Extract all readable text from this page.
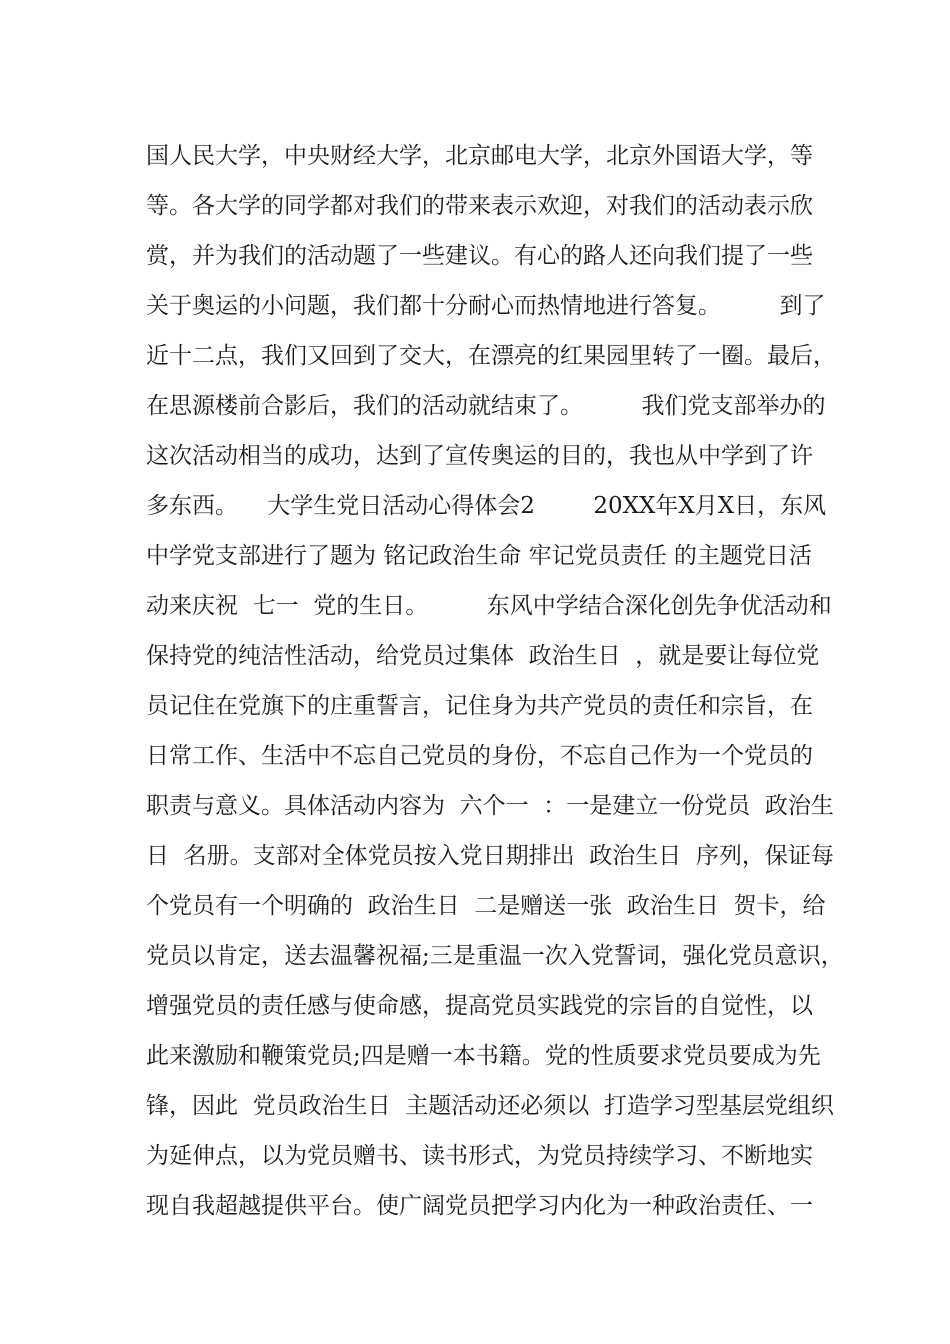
国人民大学，中央财经大学，北京邮电大学，北京外国语大学，等
等。各大学的同学都对我们的带来表示欢迎，对我们的活动表示欣
赏，并为我们的活动题了一些建议。有心的路人还向我们提了一些
关于奥运的小问题，我们都十分耐心而热情地进行答复。        到了
近十二点，我们又回到了交大，在漂亮的红果园里转了一圈。最后，
在思源楼前合影后，我们的活动就结束了。        我们党支部举办的
这次活动相当的成功，达到了宣传奥运的目的，我也从中学到了许
多东西。    大学生党日活动心得体会2        20XX年X月X日，东风
中学党支部进行了题为 铭记政治生命 牢记党员责任 的主题党日活
动来庆祝  七一  党的生日。        东风中学结合深化创先争优活动和
保持党的纯洁性活动，给党员过集体  政治生日  ，就是要让每位党
员记住在党旗下的庄重誓言，记住身为共产党员的责任和宗旨，在
日常工作、生活中不忘自己党员的身份，不忘自己作为一个党员的
职责与意义。具体活动内容为  六个一  ：一是建立一份党员  政治生
日  名册。支部对全体党员按入党日期排出  政治生日  序列，保证每
个党员有一个明确的  政治生日  二是赠送一张  政治生日  贺卡，给
党员以肯定，送去温馨祝福;三是重温一次入党誓词，强化党员意识，
增强党员的责任感与使命感，提高党员实践党的宗旨的自觉性，以
此来激励和鞭策党员;四是赠一本书籍。党的性质要求党员要成为先
锋，因此  党员政治生日  主题活动还必须以  打造学习型基层党组织
为延伸点，以为党员赠书、读书形式，为党员持续学习、不断地实
现自我超越提供平台。使广阔党员把学习内化为一种政治责任、一
